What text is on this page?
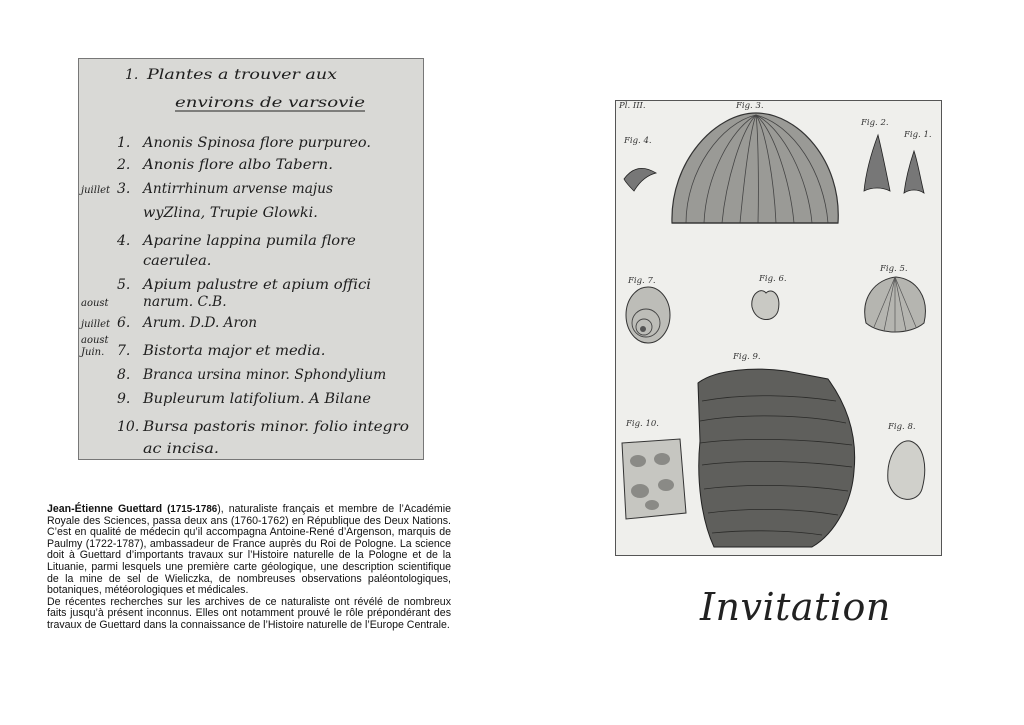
1. Plantes a trouver aux
environs de varsovie
1. Anonis Spinosa flore purpureo.
2. Anonis flore albo Tabern.
juillet 3. Antirrhinum arvense majus
wyZlina, Trupie Glowki.
4. Aparine lappina pumila flore
caerulea.
5. Apium palustre et apium offici
aoust narum. C.B.
juillet 6. Arum. D.D. Aron
aoust
Juin. 7. Bistorta major et media.
8. Branca ursina minor. Sphondylium
9. Bupleurum latifolium. A Bilane
10. Bursa pastoris minor. folio integro
ac incisa.
Pl. III.	Fig. 3.
Fig. 2.
Fig. 1.
Fig. 4.
Fig. 7.	Fig. 6.
Fig. 5.
Fig. 9.
Fig. 10.	Fig. 8.

Jean-Étienne Guettard (1715-1786), naturaliste français et membre de l’Académie Royale des Sciences, passa deux ans (1760-1762) en République des Deux Nations. C’est en qualité de médecin qu’il accompagna Antoine-René d’Argenson, marquis de Paulmy (1722-1787), ambassadeur de France auprès du Roi de Pologne. La science doit à Guettard d’importants travaux sur l’Histoire naturelle de la Pologne et de la Lituanie, parmi lesquels une première carte géologique, une description scientifique de la mine de sel de Wieliczka, de nombreuses observations paléontologiques, botaniques, météorologiques et médicales.

De récentes recherches sur les archives de ce naturaliste ont révélé de nombreux faits jusqu’à présent inconnus. Elles ont notamment prouvé le rôle prépondérant des travaux de Guettard dans la connaissance de l’Histoire naturelle de l’Europe Centrale.	Invitation
